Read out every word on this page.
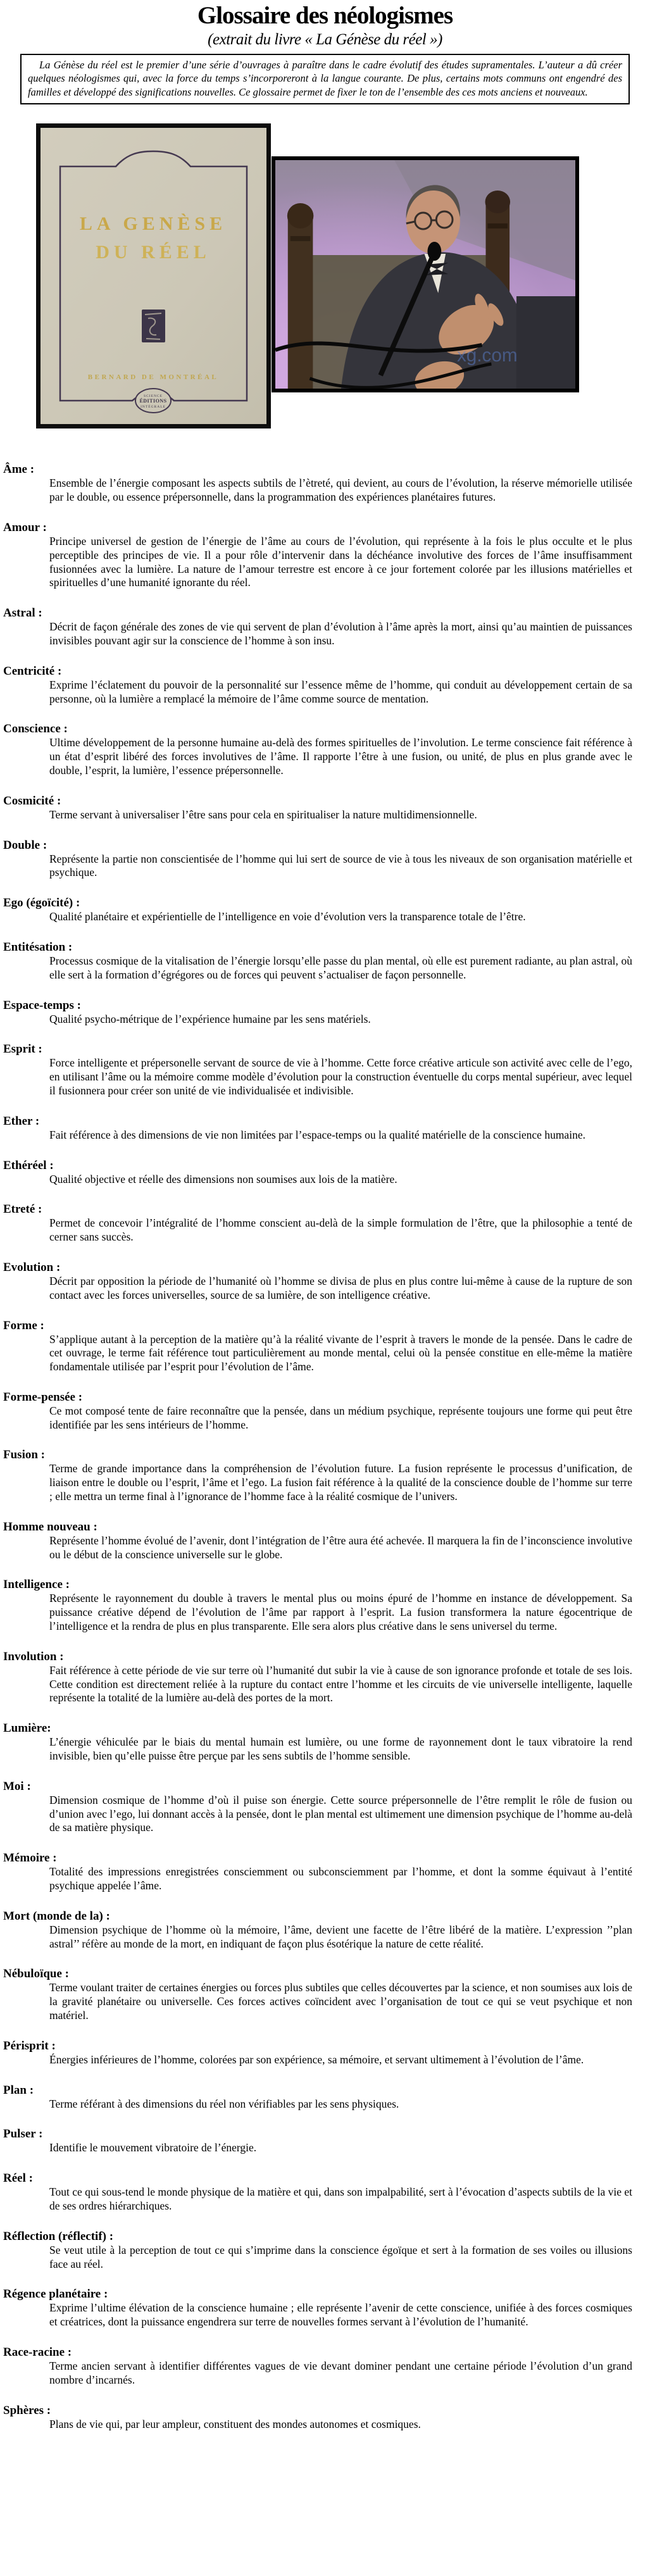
Glossaire des néologismes
(extrait du livre « La Génèse du réel »)

La Génèse du réel est le premier d’une série d’ouvrages à paraître dans le cadre évolutif des études supramentales. L’auteur a dû créer quelques néologismes qui, avec la force du temps s’incorporeront à la langue courante. De plus, certains mots communs ont engendré des familles et développé des significations nouvelles. Ce glossaire permet de fixer le ton de l’ensemble des ces mots anciens et nouveaux.

LA GENÈSE
DU RÉEL
BERNARD DE MONTRÉAL
SCIENCE
ÉDITIONS
INTÉGRALE
xg.com
Âme :
Ensemble de l’énergie composant les aspects subtils de l’ètreté, qui devient, au cours de l’évolution, la réserve mémorielle utilisée par le double, ou essence prépersonnelle, dans la programmation des expériences planétaires futures.
Amour :
Principe universel de gestion de l’énergie de l’âme au cours de l’évolution, qui représente à la fois le plus occulte et le plus perceptible des principes de vie. Il a pour rôle d’intervenir dans la déchéance involutive des forces de l’âme insuffisamment fusionnées avec la lumière. La nature de l’amour terrestre est encore à ce jour fortement colorée par les illusions matérielles et spirituelles d’une humanité ignorante du réel.
Astral :
Décrit de façon générale des zones de vie qui servent de plan d’évolution à l’âme après la mort, ainsi qu’au maintien de puissances invisibles pouvant agir sur la conscience de l’homme à son insu.
Centricité :
Exprime l’éclatement du pouvoir de la personnalité sur l’essence même de l’homme, qui conduit au développement certain de sa personne, où la lumière a remplacé la mémoire de l’âme comme source de mentation.
Conscience :
Ultime développement de la personne humaine au-delà des formes spirituelles de l’involution. Le terme conscience fait référence à un état d’esprit libéré des forces involutives de l’âme. Il rapporte l’être à une fusion, ou unité, de plus en plus grande avec le double, l’esprit, la lumière, l’essence prépersonnelle.
Cosmicité :
Terme servant à universaliser l’être sans pour cela en spiritualiser la nature multidimensionnelle.
Double :
Représente la partie non conscientisée de l’homme qui lui sert de source de vie à tous les niveaux de son organisation matérielle et psychique.
Ego (égoïcité) :
Qualité planétaire et expérientielle de l’intelligence en voie d’évolution vers la transparence totale de l’être.
Entitésation :
Processus cosmique de la vitalisation de l’énergie lorsqu’elle passe du plan mental, où elle est purement radiante, au plan astral, où elle sert à la formation d’égrégores ou de forces qui peuvent s’actualiser de façon personnelle.
Espace-temps :
Qualité psycho-métrique de l’expérience humaine par les sens matériels.
Esprit :
Force intelligente et prépersonelle servant de source de vie à l’homme. Cette force créative articule son activité avec celle de l’ego, en utilisant l’âme ou la mémoire comme modèle d’évolution pour la construction éventuelle du corps mental supérieur, avec lequel il fusionnera pour créer son unité de vie individualisée et indivisible.
Ether :
Fait référence à des dimensions de vie non limitées par l’espace-temps ou la qualité matérielle de la conscience humaine.
Ethéréel :
Qualité objective et réelle des dimensions non soumises aux lois de la matière.
Etreté :
Permet de concevoir l’intégralité de l’homme conscient au-delà de la simple formulation de l’être, que la philosophie a tenté de cerner sans succès.
Evolution :
Décrit par opposition la période de l’humanité où l’homme se divisa de plus en plus contre lui-même à cause de la rupture de son contact avec les forces universelles, source de sa lumière, de son intelligence créative.
Forme :
S’applique autant à la perception de la matière qu’à la réalité vivante de l’esprit à travers le monde de la pensée. Dans le cadre de cet ouvrage, le terme fait référence tout particulièrement au monde mental, celui où la pensée constitue en elle-même la matière fondamentale utilisée par l’esprit pour l’évolution de l’âme.
Forme-pensée :
Ce mot composé tente de faire reconnaître que la pensée, dans un médium psychique, représente toujours une forme qui peut être identifiée par les sens intérieurs de l’homme.
Fusion :
Terme de grande importance dans la compréhension de l’évolution future. La fusion représente le processus d’unification, de liaison entre le double ou l’esprit, l’âme et l’ego. La fusion fait référence à la qualité de la conscience double de l’homme sur terre ; elle mettra un terme final à l’ignorance de l’homme face à la réalité cosmique de l’univers.
Homme nouveau :
Représente l’homme évolué de l’avenir, dont l’intégration de l’être aura été achevée. Il marquera la fin de l’inconscience involutive ou le début de la conscience universelle sur le globe.
Intelligence :
Représente le rayonnement du double à travers le mental plus ou moins épuré de l’homme en instance de développement. Sa puissance créative dépend de l’évolution de l’âme par rapport à l’esprit. La fusion transformera la nature égocentrique de l’intelligence et la rendra de plus en plus transparente. Elle sera alors plus créative dans le sens universel du terme.
Involution :
Fait référence à cette période de vie sur terre où l’humanité dut subir la vie à cause de son ignorance profonde et totale de ses lois. Cette condition est directement reliée à la rupture du contact entre l’homme et les circuits de vie universelle intelligente, laquelle représente la totalité de la lumière au-delà des portes de la mort.
Lumière:
L’énergie véhiculée par le biais du mental humain est lumière, ou une forme de rayonnement dont le taux vibratoire la rend invisible, bien qu’elle puisse être perçue par les sens subtils de l’homme sensible.
Moi :
Dimension cosmique de l’homme d’où il puise son énergie. Cette source prépersonnelle de l’être remplit le rôle de fusion ou d’union avec l’ego, lui donnant accès à la pensée, dont le plan mental est ultimement une dimension psychique de l’homme au-delà de sa matière physique.
Mémoire :
Totalité des impressions enregistrées consciemment ou subconsciemment par l’homme, et dont la somme équivaut à l’entité psychique appelée l’âme.
Mort (monde de la) :
Dimension psychique de l’homme où la mémoire, l’âme, devient une facette de l’être libéré de la matière. L’expression ’’plan astral’’ réfère au monde de la mort, en indiquant de façon plus ésotérique la nature de cette réalité.
Nébuloïque :
Terme voulant traiter de certaines énergies ou forces plus subtiles que celles découvertes par la science, et non soumises aux lois de la gravité planétaire ou universelle. Ces forces actives coïncident avec l’organisation de tout ce qui se veut psychique et non matériel.
Périsprit :
Énergies inférieures de l’homme, colorées par son expérience, sa mémoire, et servant ultimement à l’évolution de l’âme.
Plan :
Terme référant à des dimensions du réel non vérifiables par les sens physiques.
Pulser :
Identifie le mouvement vibratoire de l’énergie.
Réel :
Tout ce qui sous-tend le monde physique de la matière et qui, dans son impalpabilité, sert à l’évocation d’aspects subtils de la vie et de ses ordres hiérarchiques.
Réflection (réflectif) :
Se veut utile à la perception de tout ce qui s’imprime dans la conscience égoïque et sert à la formation de ses voiles ou illusions face au réel.
Régence planétaire :
Exprime l’ultime élévation de la conscience humaine ; elle représente l’avenir de cette conscience, unifiée à des forces cosmiques et créatrices, dont la puissance engendrera sur terre de nouvelles formes servant à l’évolution de l’humanité.
Race-racine :
Terme ancien servant à identifier différentes vagues de vie devant dominer pendant une certaine période l’évolution d’un grand nombre d’incarnés.
Sphères :
Plans de vie qui, par leur ampleur, constituent des mondes autonomes et cosmiques.
